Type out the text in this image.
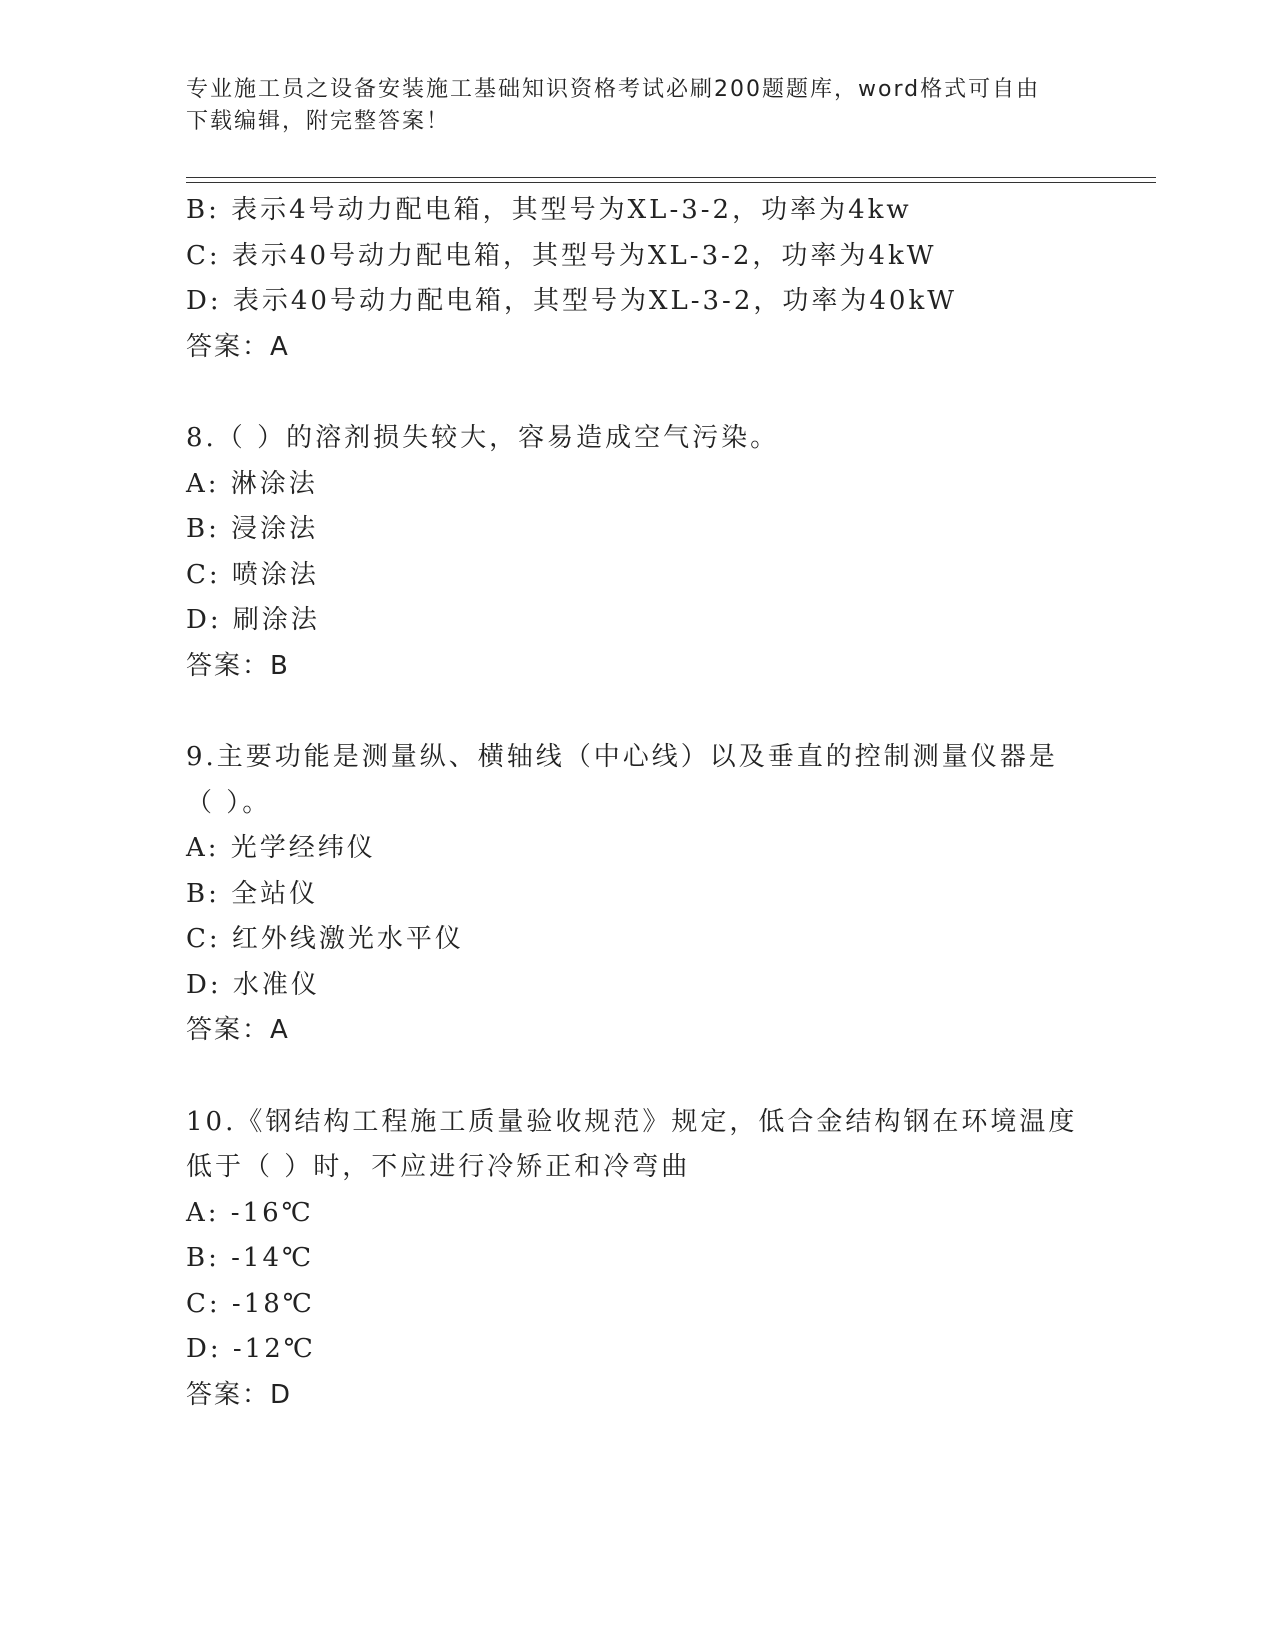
专业施工员之设备安装施工基础知识资格考试必刷200题题库，word格式可自由
下载编辑，附完整答案！
B: 表示4号动力配电箱，其型号为XL-3-2，功率为4kw
C: 表示40号动力配电箱，其型号为XL-3-2，功率为4kW
D: 表示40号动力配电箱，其型号为XL-3-2，功率为40kW
答案：A
8.（ ）的溶剂损失较大，容易造成空气污染。
A: 淋涂法
B: 浸涂法
C: 喷涂法
D: 刷涂法
答案：B
9.主要功能是测量纵、横轴线（中心线）以及垂直的控制测量仪器是
（ ）。
A: 光学经纬仪
B: 全站仪
C: 红外线激光水平仪
D: 水准仪
答案：A
10.《钢结构工程施工质量验收规范》规定，低合金结构钢在环境温度
低于（ ）时，不应进行冷矫正和冷弯曲
A: -16℃
B: -14℃
C: -18℃
D: -12℃
答案：D
